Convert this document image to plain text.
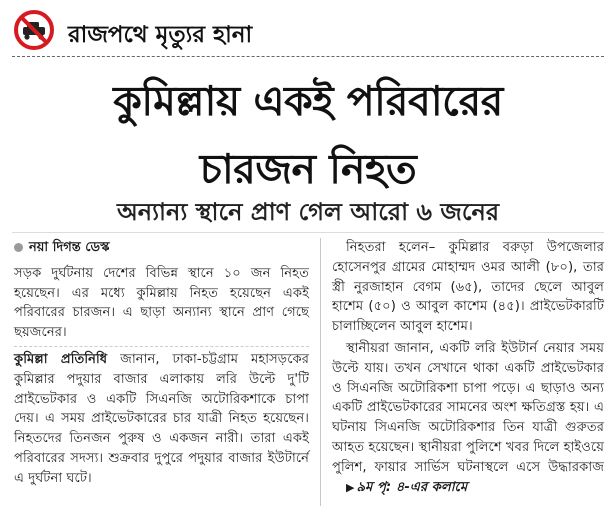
রাজপথে মৃত্যুর হানা
কুমিল্লায় একই পরিবারের
চারজন নিহত
অন্যান্য স্থানে প্রাণ গেল আরো ৬ জনের
নয়া দিগন্ত ডেস্ক

সড়ক দুর্ঘটনায় দেশের বিভিন্ন স্থানে ১০ জন নিহত হয়েছেন। এর মধ্যে কুমিল্লায় নিহত হয়েছেন একই পরিবারের চারজন। এ ছাড়া অন্যান্য স্থানে প্রাণ গেছে ছয়জনের।

কুমিল্লা প্রতিনিধি জানান, ঢাকা-চট্টগ্রাম মহাসড়কের কুমিল্লার পদুয়ার বাজার এলাকায় লরি উল্টে দু'টি প্রাইভেটকার ও একটি সিএনজি অটোরিকশাকে চাপা দেয়। এ সময় প্রাইভেটকারের চার যাত্রী নিহত হয়েছেন। নিহতদের তিনজন পুরুষ ও একজন নারী। তারা একই পরিবারের সদস্য। শুক্রবার দুপুরে পদুয়ার বাজার ইউটার্নে এ দুর্ঘটনা ঘটে।

নিহতরা হলেন– কুমিল্লার বরুড়া উপজেলার হোসেনপুর গ্রামের মোহাম্মদ ওমর আলী (৮০), তার স্ত্রী নুরজাহান বেগম (৬৫), তাদের ছেলে আবুল হাশেম (৫০) ও আবুল কাশেম (৪৫)। প্রাইভেটকারটি চালাচ্ছিলেন আবুল হাশেম।

স্থানীয়রা জানান, একটি লরি ইউটার্ন নেয়ার সময় উল্টে যায়। তখন সেখানে থাকা একটি প্রাইভেটকার ও সিএনজি অটোরিকশা চাপা পড়ে। এ ছাড়াও অন্য একটি প্রাইভেটকারের সামনের অংশ ক্ষতিগ্রস্ত হয়। এ ঘটনায় সিএনজি অটোরিকশার তিন যাত্রী গুরুতর আহত হয়েছেন। স্থানীয়রা পুলিশে খবর দিলে হাইওয়ে পুলিশ, ফায়ার সার্ভিস ঘটনাস্থলে এসে উদ্ধারকাজ ▶ ৯ম পৃ: ৪-এর কলামে
